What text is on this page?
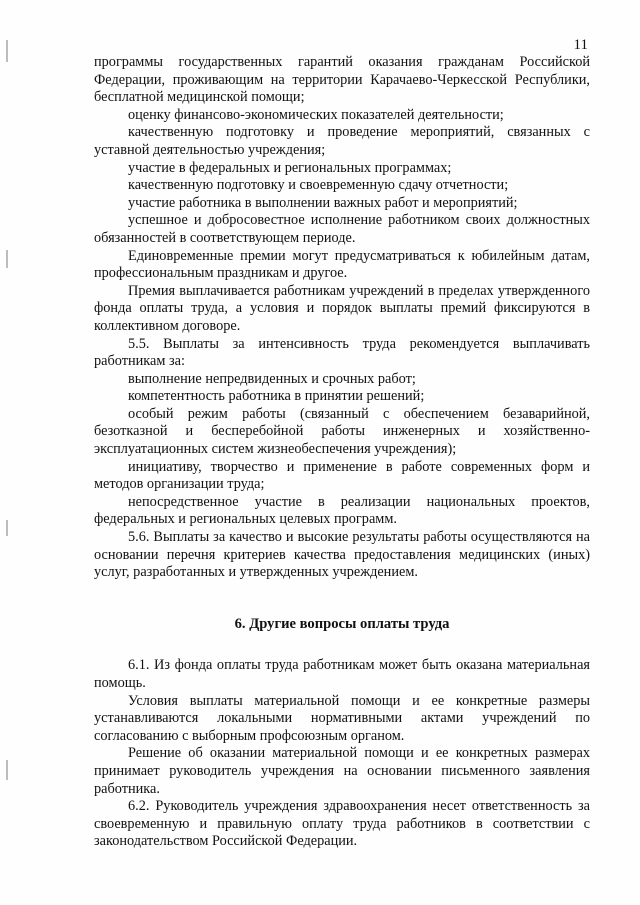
11

программы государственных гарантий оказания гражданам Российской Федерации, проживающим на территории Карачаево-Черкесской Республики, бесплатной медицинской помощи;

оценку финансово-экономических показателей деятельности;

качественную подготовку и проведение мероприятий, связанных с уставной деятельностью учреждения;

участие в федеральных и региональных программах;

качественную подготовку и своевременную сдачу отчетности;

участие работника в выполнении важных работ и мероприятий;

успешное и добросовестное исполнение работником своих должностных обязанностей в соответствующем периоде.

Единовременные премии могут предусматриваться к юбилейным датам, профессиональным праздникам и другое.

Премия выплачивается работникам учреждений в пределах утвержденного фонда оплаты труда, а условия и порядок выплаты премий фиксируются в коллективном договоре.

5.5. Выплаты за интенсивность труда рекомендуется выплачивать работникам за:

выполнение непредвиденных и срочных работ;

компетентность работника в принятии решений;

особый режим работы (связанный с обеспечением безаварийной, безотказной и бесперебойной работы инженерных и хозяйственно-эксплуатационных систем жизнеобеспечения учреждения);

инициативу, творчество и применение в работе современных форм и методов организации труда;

непосредственное участие в реализации национальных проектов, федеральных и региональных целевых программ.

5.6. Выплаты за качество и высокие результаты работы осуществляются на основании перечня критериев качества предоставления медицинских (иных) услуг, разработанных и утвержденных учреждением.

6. Другие вопросы оплаты труда

6.1. Из фонда оплаты труда работникам может быть оказана материальная помощь.

Условия выплаты материальной помощи и ее конкретные размеры устанавливаются локальными нормативными актами учреждений по согласованию с выборным профсоюзным органом.

Решение об оказании материальной помощи и ее конкретных размерах принимает руководитель учреждения на основании письменного заявления работника.

6.2. Руководитель учреждения здравоохранения несет ответственность за своевременную и правильную оплату труда работников в соответствии с законодательством Российской Федерации.
